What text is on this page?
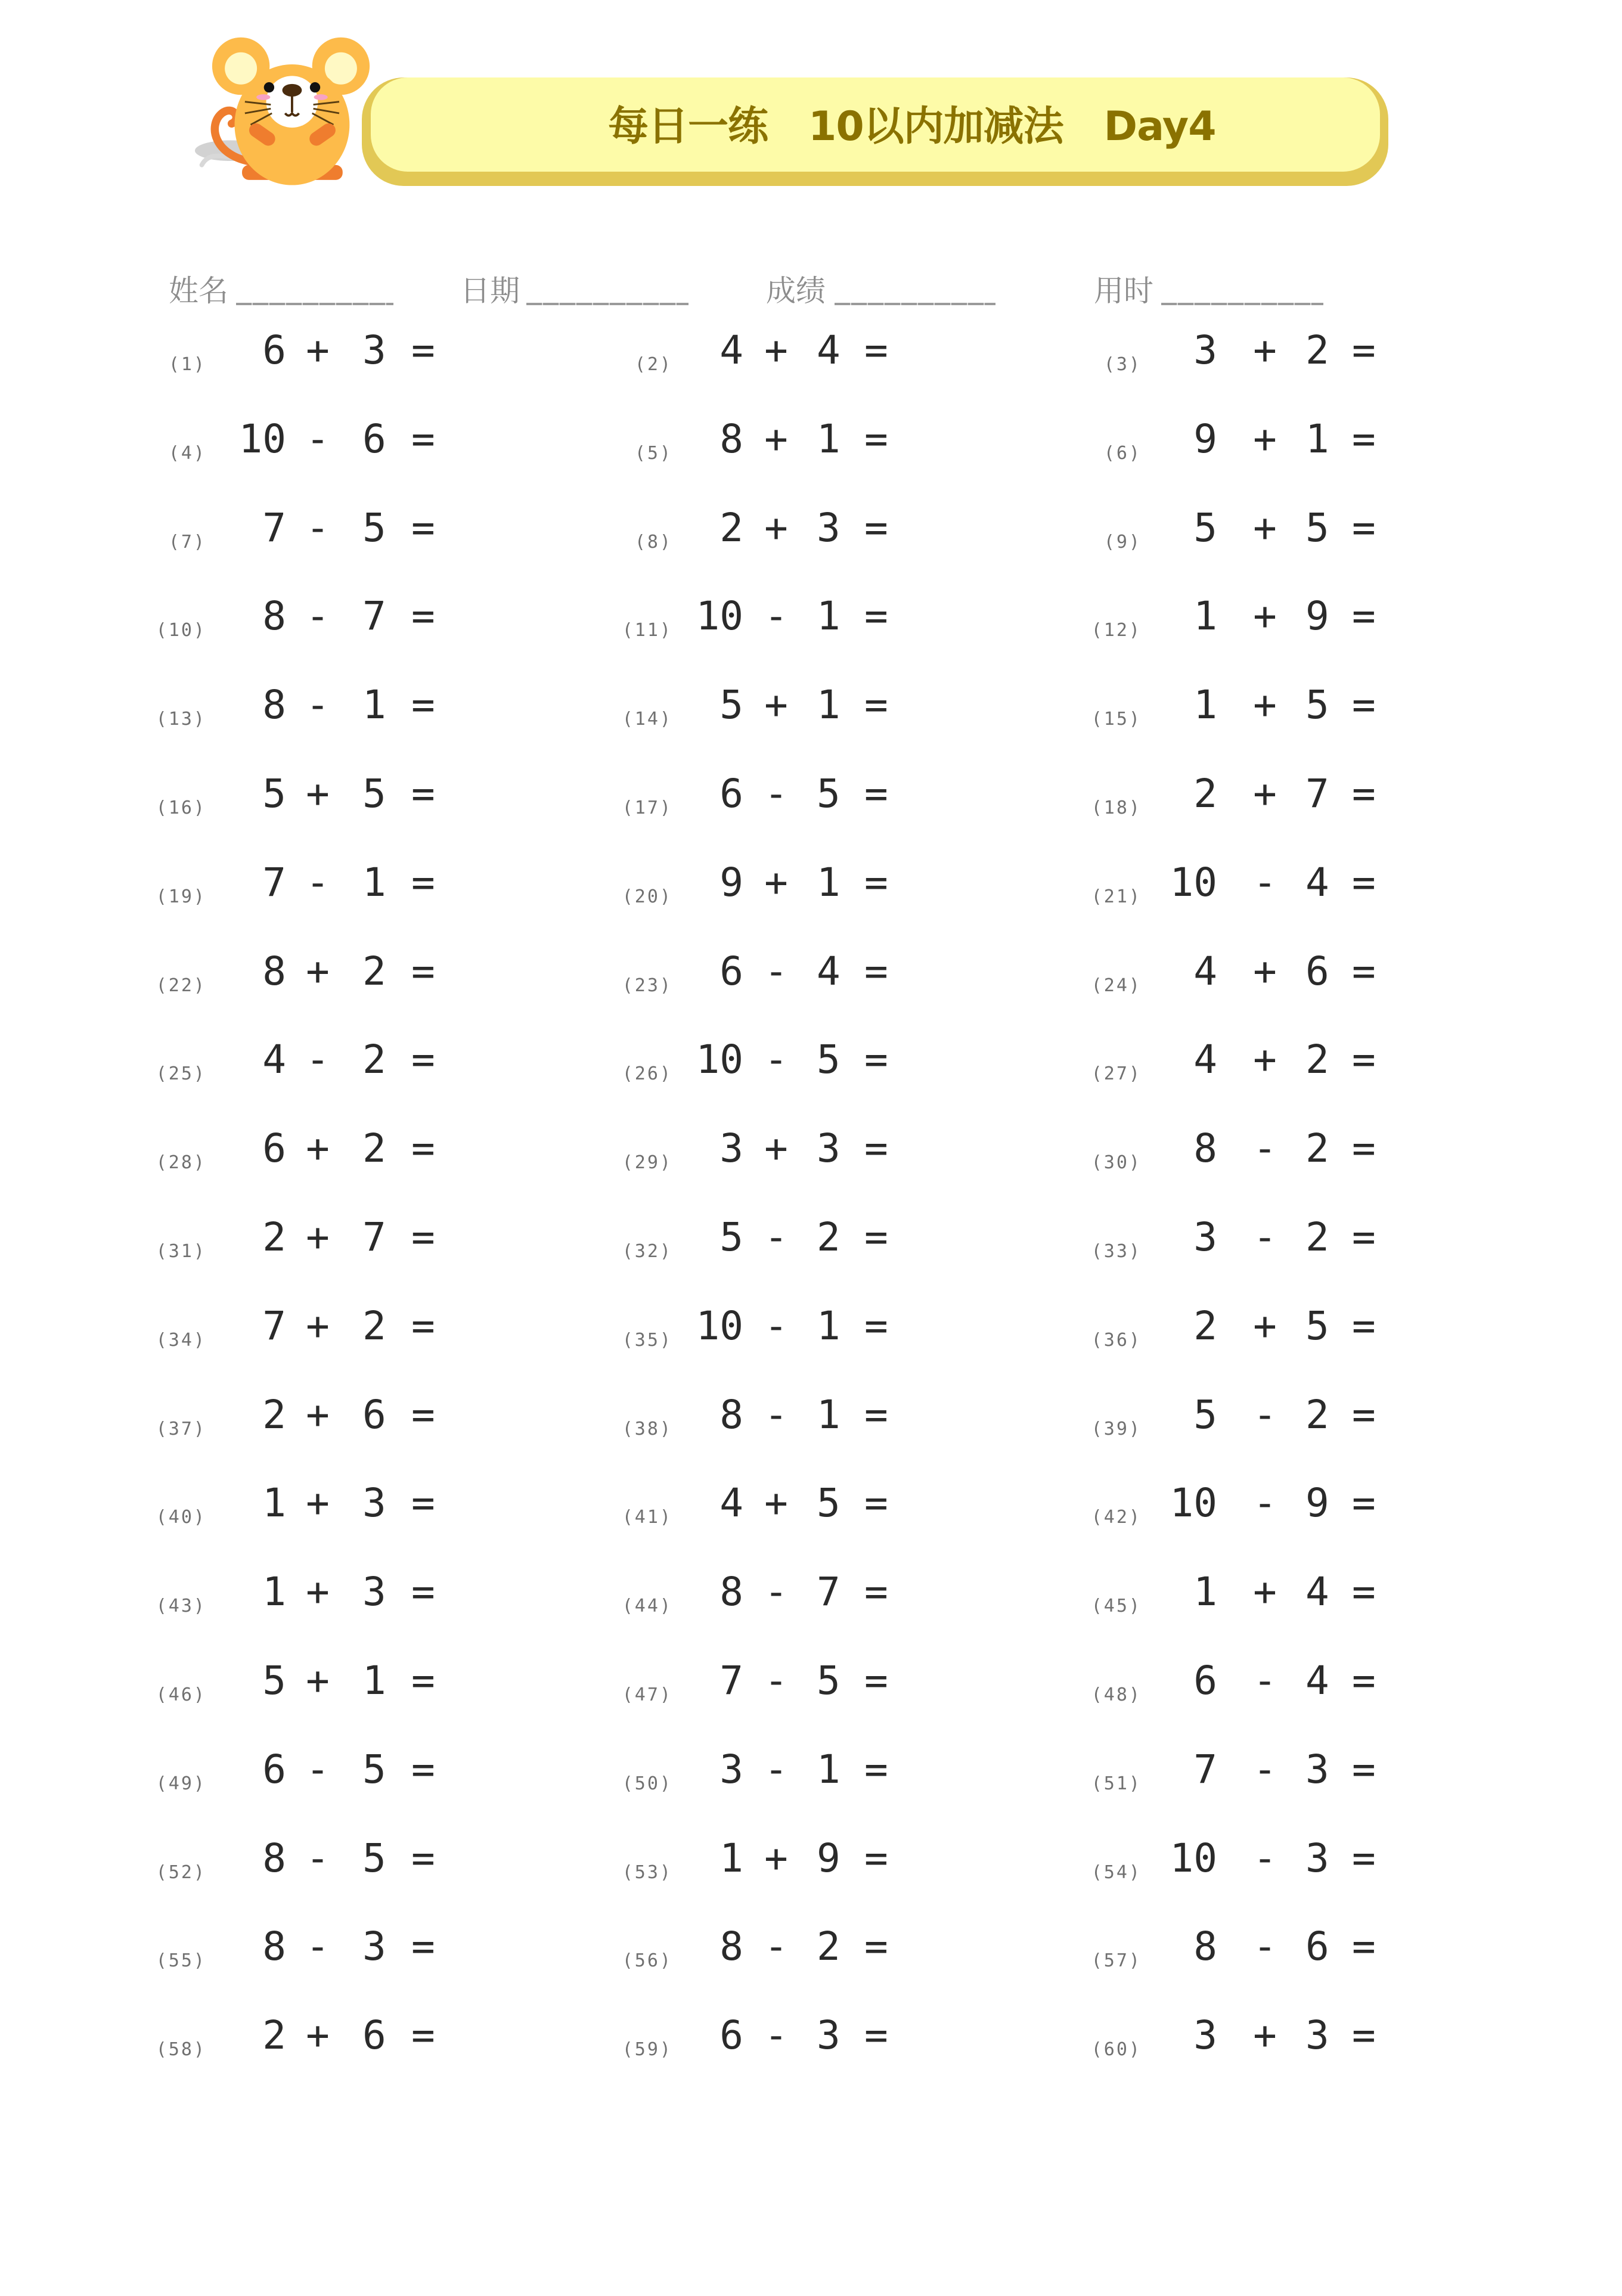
每日一练   10以内加减法   Day4
姓名	日期	成绩	用时
(1)	6 + 3 =	(2)	4 + 4 =	(3)	3 + 2 =
(4) 10 - 6 =	(5)	8 + 1 =	(6)	9 + 1 =
(7)	7 - 5 =	(8)	2 + 3 =	(9)	5 + 5 =
(10)	8 - 7 =	(11) 10 - 1 =	(12)	1 + 9 =
(13)	8 - 1 =	(14)	5 + 1 =	(15)	1 + 5 =
(16)	5 + 5 =	(17)	6 - 5 =	(18)	2 + 7 =
(19)	7 - 1 =	(20)	9 + 1 =	(21) 10 - 4 =
(22)	8 + 2 =	(23)	6 - 4 =	(24)	4 + 6 =
(25)	4 - 2 =	(26) 10 - 5 =	(27)	4 + 2 =
(28)	6 + 2 =	(29)	3 + 3 =	(30)	8 - 2 =
(31)	2 + 7 =	(32)	5 - 2 =	(33)	3 - 2 =
(34)	7 + 2 =	(35) 10 - 1 =	(36)	2 + 5 =
(37)	2 + 6 =	(38)	8 - 1 =	(39)	5 - 2 =
(40)	1 + 3 =	(41)	4 + 5 =	(42) 10 - 9 =
(43)	1 + 3 =	(44)	8 - 7 =	(45)	1 + 4 =
(46)	5 + 1 =	(47)	7 - 5 =	(48)	6 - 4 =
(49)	6 - 5 =	(50)	3 - 1 =	(51)	7 - 3 =
(52)	8 - 5 =	(53)	1 + 9 =	(54) 10 - 3 =
(55)	8 - 3 =	(56)	8 - 2 =	(57)	8 - 6 =
(58)	2 + 6 =	(59)	6 - 3 =	(60)	3 + 3 =
